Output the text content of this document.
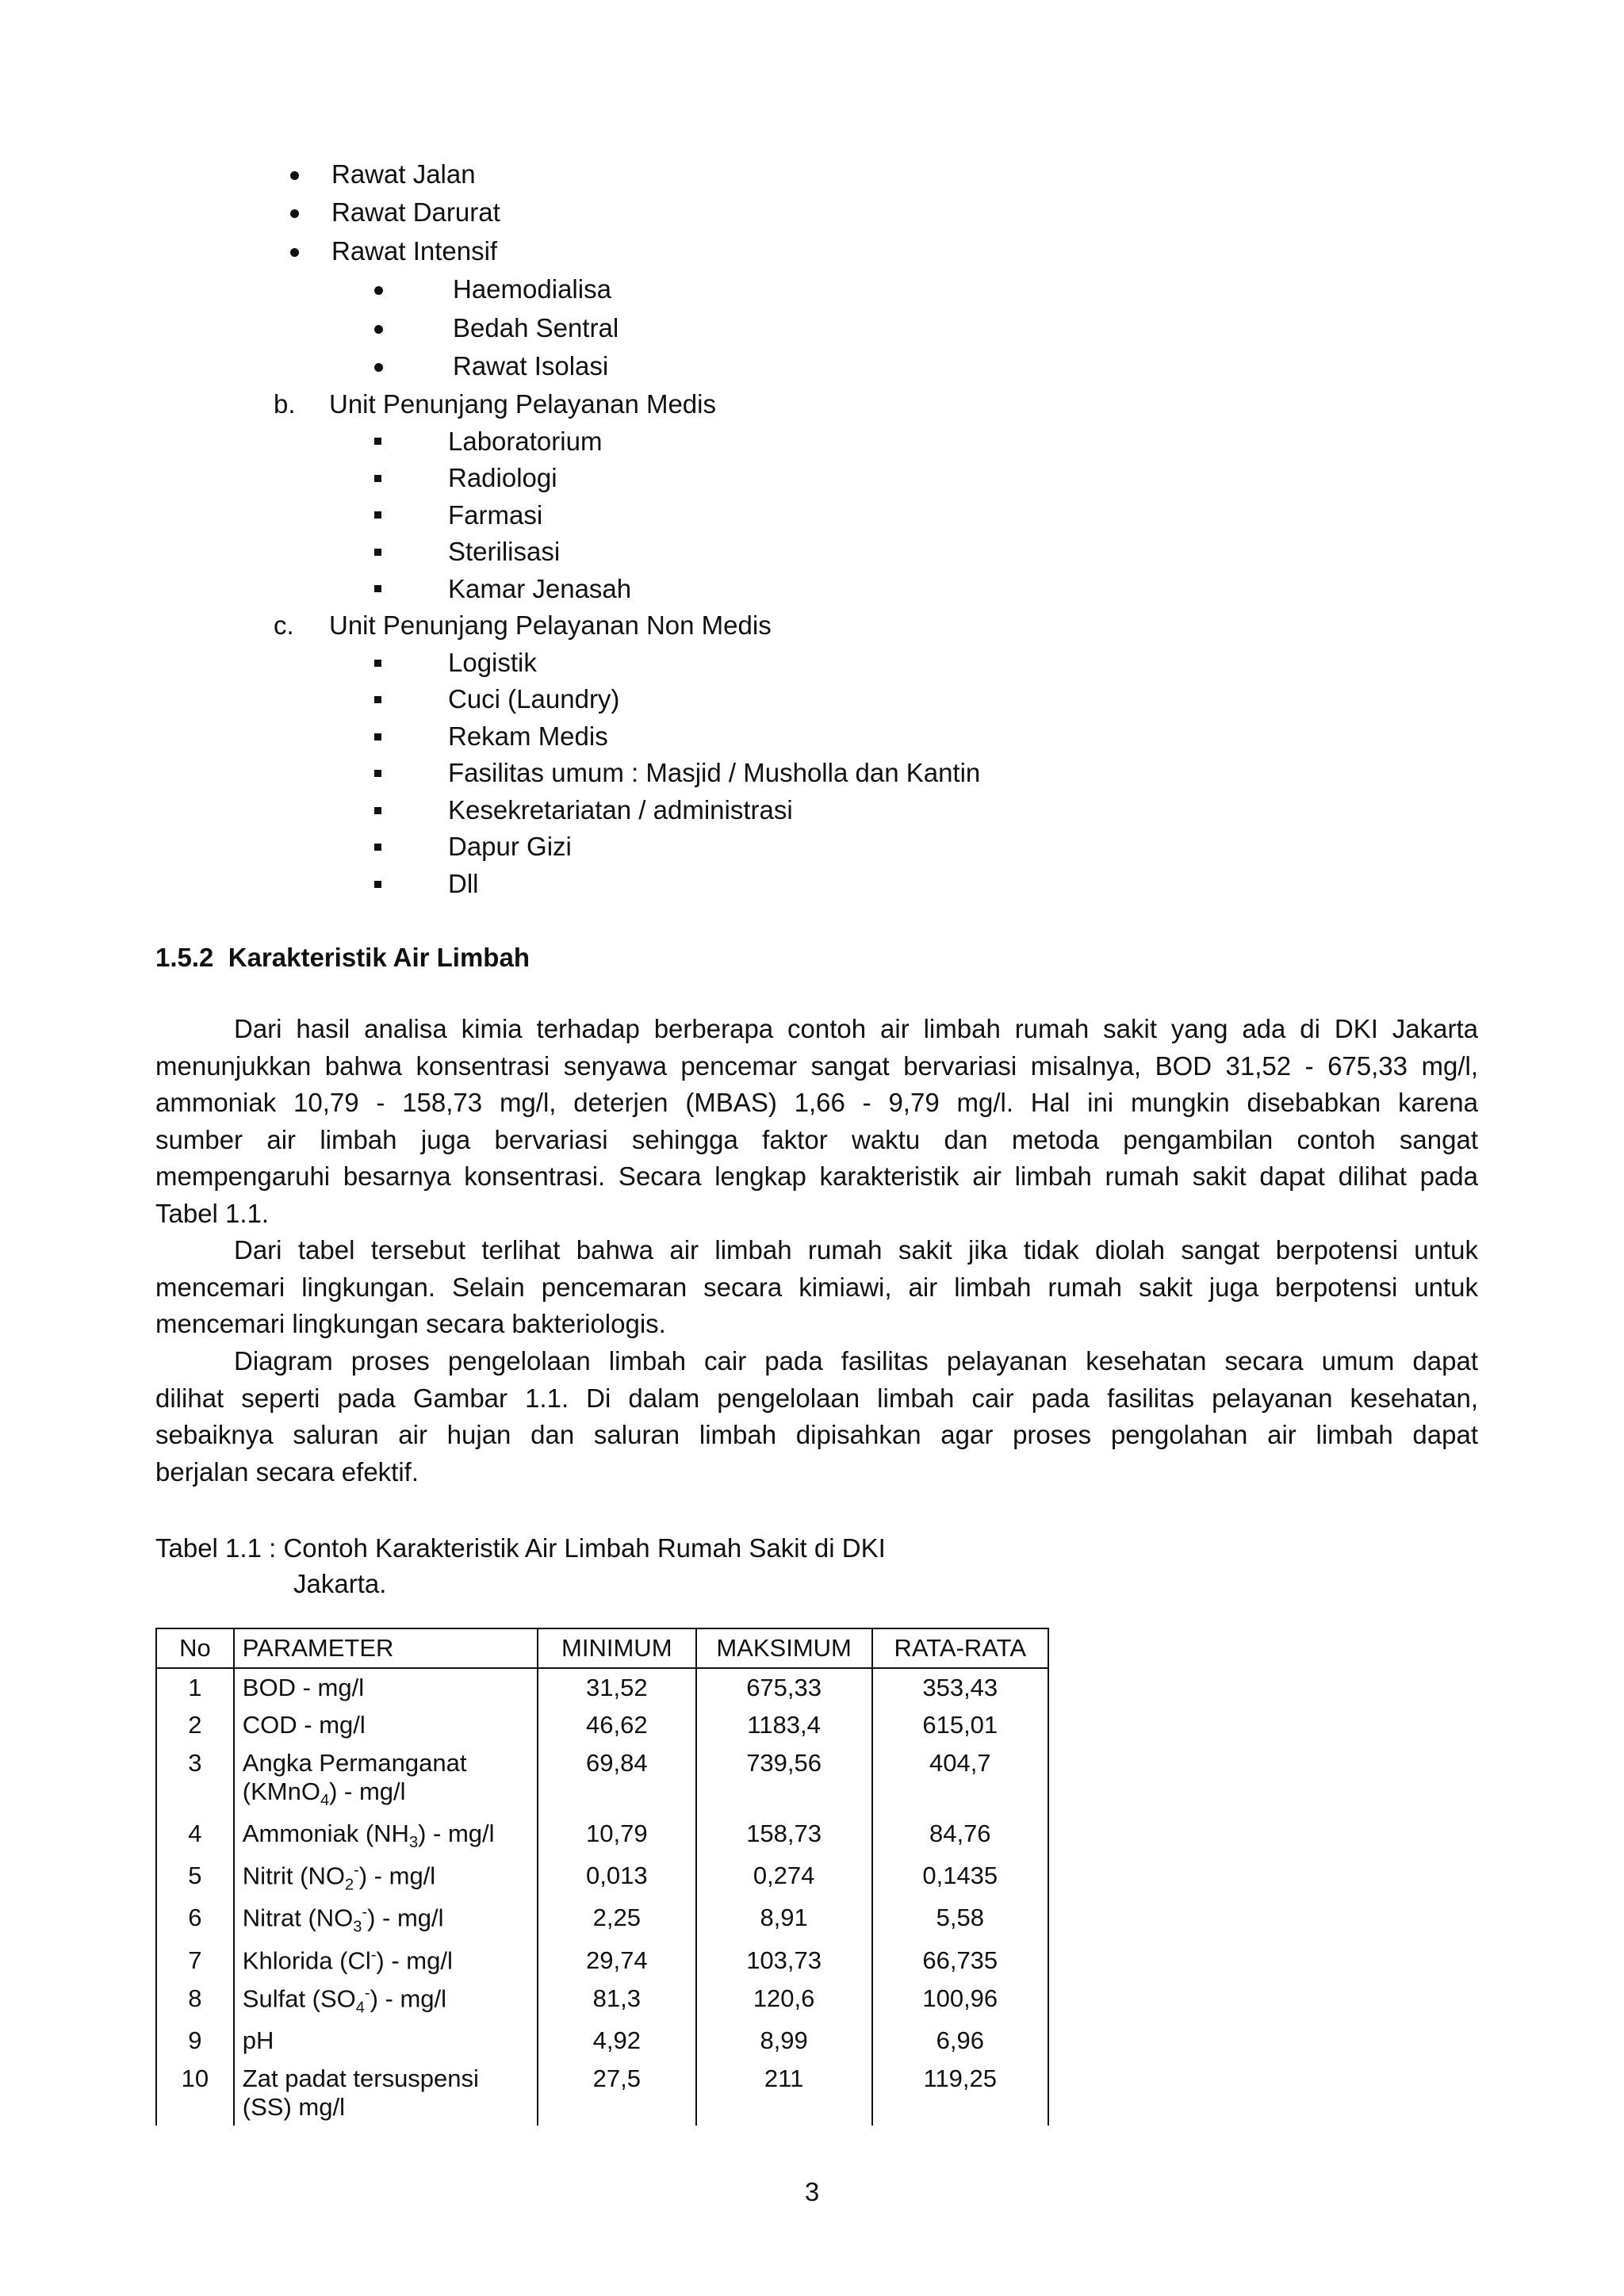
Rawat Jalan
Rawat Darurat
Rawat Intensif
Haemodialisa
Bedah Sentral
Rawat Isolasi
b. Unit Penunjang Pelayanan Medis
Laboratorium
Radiologi
Farmasi
Sterilisasi
Kamar Jenasah
c. Unit Penunjang Pelayanan Non Medis
Logistik
Cuci (Laundry)
Rekam Medis
Fasilitas umum : Masjid / Musholla dan Kantin
Kesekretariatan / administrasi
Dapur Gizi
Dll
1.5.2  Karakteristik Air Limbah
Dari hasil analisa kimia terhadap berberapa contoh air limbah rumah sakit yang ada di DKI Jakarta
menunjukkan bahwa konsentrasi senyawa pencemar sangat bervariasi misalnya, BOD 31,52 - 675,33 mg/l,
ammoniak 10,79 - 158,73 mg/l, deterjen (MBAS) 1,66 - 9,79 mg/l. Hal ini mungkin disebabkan karena
sumber air limbah juga bervariasi sehingga faktor waktu dan metoda pengambilan contoh sangat
mempengaruhi besarnya konsentrasi. Secara lengkap karakteristik air limbah rumah sakit dapat dilihat pada
Tabel 1.1.
Dari tabel tersebut terlihat bahwa air limbah rumah sakit jika tidak diolah sangat berpotensi untuk
mencemari lingkungan. Selain pencemaran secara kimiawi, air limbah rumah sakit juga berpotensi untuk
mencemari lingkungan secara bakteriologis.
Diagram proses pengelolaan limbah cair pada fasilitas pelayanan kesehatan secara umum dapat
dilihat seperti pada Gambar 1.1. Di dalam pengelolaan limbah cair pada fasilitas pelayanan kesehatan,
sebaiknya saluran air hujan dan saluran limbah dipisahkan agar proses pengolahan air limbah dapat
berjalan secara efektif.
Tabel 1.1 : Contoh Karakteristik Air Limbah Rumah Sakit di DKI
Jakarta.
No	PARAMETER	MINIMUM	MAKSIMUM	RATA-RATA
1	BOD - mg/l	31,52	675,33	353,43
2	COD - mg/l	46,62	1183,4	615,01
3	Angka Permanganat
(KMnO$_4$) - mg/l	69,84	739,56	404,7
4	Ammoniak $(NH_3) - mg/l$	10,79	158,73	84,76
5	Nitrit $(NO_2^-) - mg/l$	0,013	0,274	0,1435
6	Nitrat $(NO_3^-) - mg/l$	2,25	8,91	5,58
7	Khlorida (Cl-) - mg/l	29,74	103,73	66,735
8	Sulfat $(SO_4^-) - mg/l$	81,3	120,6	100,96
9	pH	4,92	8,99	6,96
10	Zat padat tersuspensi
(SS) mg/l	27,5	211	119,25
3
